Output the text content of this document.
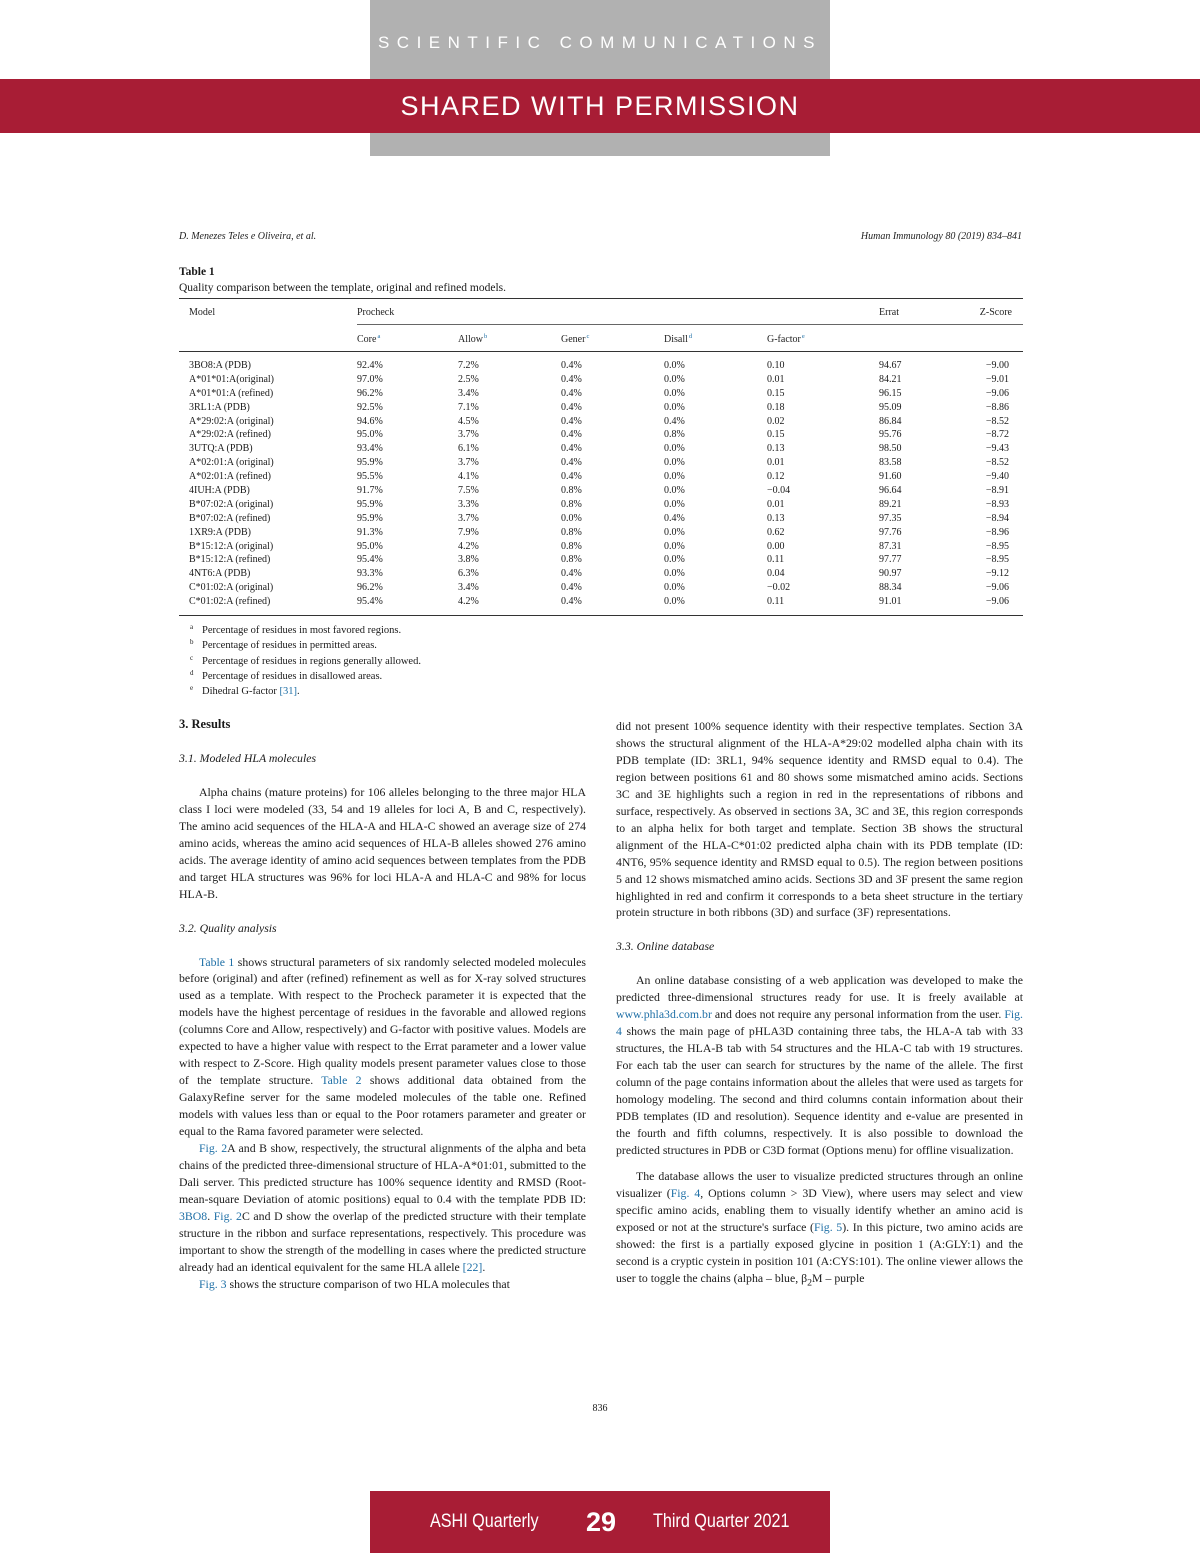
SCIENTIFIC COMMUNICATIONS
SHARED WITH PERMISSION
D. Menezes Teles e Oliveira, et al.	Human Immunology 80 (2019) 834–841
Table 1
Quality comparison between the template, original and refined models.
Model	Procheck	Errat	Z-Score
Core$^a$	Allow$^b$	Gener$^c$	Disall$^d$	G-factor$^e$
3BO8:A (PDB)	92.4%	7.2%	0.4%	0.0%	0.10	94.67	−9.00
A*01*01:A(original)	97.0%	2.5%	0.4%	0.0%	0.01	84.21	−9.01
A*01*01:A (refined)	96.2%	3.4%	0.4%	0.0%	0.15	96.15	−9.06
3RL1:A (PDB)	92.5%	7.1%	0.4%	0.0%	0.18	95.09	−8.86
A*29:02:A (original)	94.6%	4.5%	0.4%	0.4%	0.02	86.84	−8.52
A*29:02:A (refined)	95.0%	3.7%	0.4%	0.8%	0.15	95.76	−8.72
3UTQ:A (PDB)	93.4%	6.1%	0.4%	0.0%	0.13	98.50	−9.43
A*02:01:A (original)	95.9%	3.7%	0.4%	0.0%	0.01	83.58	−8.52
A*02:01:A (refined)	95.5%	4.1%	0.4%	0.0%	0.12	91.60	−9.40
4IUH:A (PDB)	91.7%	7.5%	0.8%	0.0%	−0.04	96.64	−8.91
B*07:02:A (original)	95.9%	3.3%	0.8%	0.0%	0.01	89.21	−8.93
B*07:02:A (refined)	95.9%	3.7%	0.0%	0.4%	0.13	97.35	−8.94
1XR9:A (PDB)	91.3%	7.9%	0.8%	0.0%	0.62	97.76	−8.96
B*15:12:A (original)	95.0%	4.2%	0.8%	0.0%	0.00	87.31	−8.95
B*15:12:A (refined)	95.4%	3.8%	0.8%	0.0%	0.11	97.77	−8.95
4NT6:A (PDB)	93.3%	6.3%	0.4%	0.0%	0.04	90.97	−9.12
C*01:02:A (original)	96.2%	3.4%	0.4%	0.0%	−0.02	88.34	−9.06
C*01:02:A (refined)	95.4%	4.2%	0.4%	0.0%	0.11	91.01	−9.06
a Percentage of residues in most favored regions.
b Percentage of residues in permitted areas.
c Percentage of residues in regions generally allowed.
d Percentage of residues in disallowed areas.
e Dihedral G-factor [31].
3. Results
3.1. Modeled HLA molecules

Alpha chains (mature proteins) for 106 alleles belonging to the three major HLA class I loci were modeled (33, 54 and 19 alleles for loci A, B and C, respectively). The amino acid sequences of the HLA-A and HLA-C showed an average size of 274 amino acids, whereas the amino acid sequences of HLA-B alleles showed 276 amino acids. The average identity of amino acid sequences between templates from the PDB and target HLA structures was 96% for loci HLA-A and HLA-C and 98% for locus HLA-B.

3.2. Quality analysis

Table 1 shows structural parameters of six randomly selected modeled molecules before (original) and after (refined) refinement as well as for X-ray solved structures used as a template. With respect to the Procheck parameter it is expected that the models have the highest percentage of residues in the favorable and allowed regions (columns Core and Allow, respectively) and G-factor with positive values. Models are expected to have a higher value with respect to the Errat parameter and a lower value with respect to Z-Score. High quality models present parameter values close to those of the template structure. Table 2 shows additional data obtained from the GalaxyRefine server for the same modeled molecules of the table one. Refined models with values less than or equal to the Poor rotamers parameter and greater or equal to the Rama favored parameter were selected.

Fig. 2A and B show, respectively, the structural alignments of the alpha and beta chains of the predicted three-dimensional structure of HLA-A*01:01, submitted to the Dali server. This predicted structure has 100% sequence identity and RMSD (Root-mean-square Deviation of atomic positions) equal to 0.4 with the template PDB ID: 3BO8. Fig. 2C and D show the overlap of the predicted structure with their template structure in the ribbon and surface representations, respectively. This procedure was important to show the strength of the modelling in cases where the predicted structure already had an identical equivalent for the same HLA allele [22].

Fig. 3 shows the structure comparison of two HLA molecules that

did not present 100% sequence identity with their respective templates. Section 3A shows the structural alignment of the HLA-A*29:02 modelled alpha chain with its PDB template (ID: 3RL1, 94% sequence identity and RMSD equal to 0.4). The region between positions 61 and 80 shows some mismatched amino acids. Sections 3C and 3E highlights such a region in red in the representations of ribbons and surface, respectively. As observed in sections 3A, 3C and 3E, this region corresponds to an alpha helix for both target and template. Section 3B shows the structural alignment of the HLA-C*01:02 predicted alpha chain with its PDB template (ID: 4NT6, 95% sequence identity and RMSD equal to 0.5). The region between positions 5 and 12 shows mismatched amino acids. Sections 3D and 3F present the same region highlighted in red and confirm it corresponds to a beta sheet structure in the tertiary protein structure in both ribbons (3D) and surface (3F) representations.

3.3. Online database

An online database consisting of a web application was developed to make the predicted three-dimensional structures ready for use. It is freely available at www.phla3d.com.br and does not require any personal information from the user. Fig. 4 shows the main page of pHLA3D containing three tabs, the HLA-A tab with 33 structures, the HLA-B tab with 54 structures and the HLA-C tab with 19 structures. For each tab the user can search for structures by the name of the allele. The first column of the page contains information about the alleles that were used as targets for homology modeling. The second and third columns contain information about their PDB templates (ID and resolution). Sequence identity and e-value are presented in the fourth and fifth columns, respectively. It is also possible to download the predicted structures in PDB or C3D format (Options menu) for offline visualization.

The database allows the user to visualize predicted structures through an online visualizer (Fig. 4, Options column > 3D View), where users may select and view specific amino acids, enabling them to visually identify whether an amino acid is exposed or not at the structure's surface (Fig. 5). In this picture, two amino acids are showed: the first is a partially exposed glycine in position 1 (A:GLY:1) and the second is a cryptic cystein in position 101 (A:CYS:101). The online viewer allows the user to toggle the chains (alpha – blue, $\beta_2M$ – purple

836
ASHI Quarterly 29 Third Quarter 2021
